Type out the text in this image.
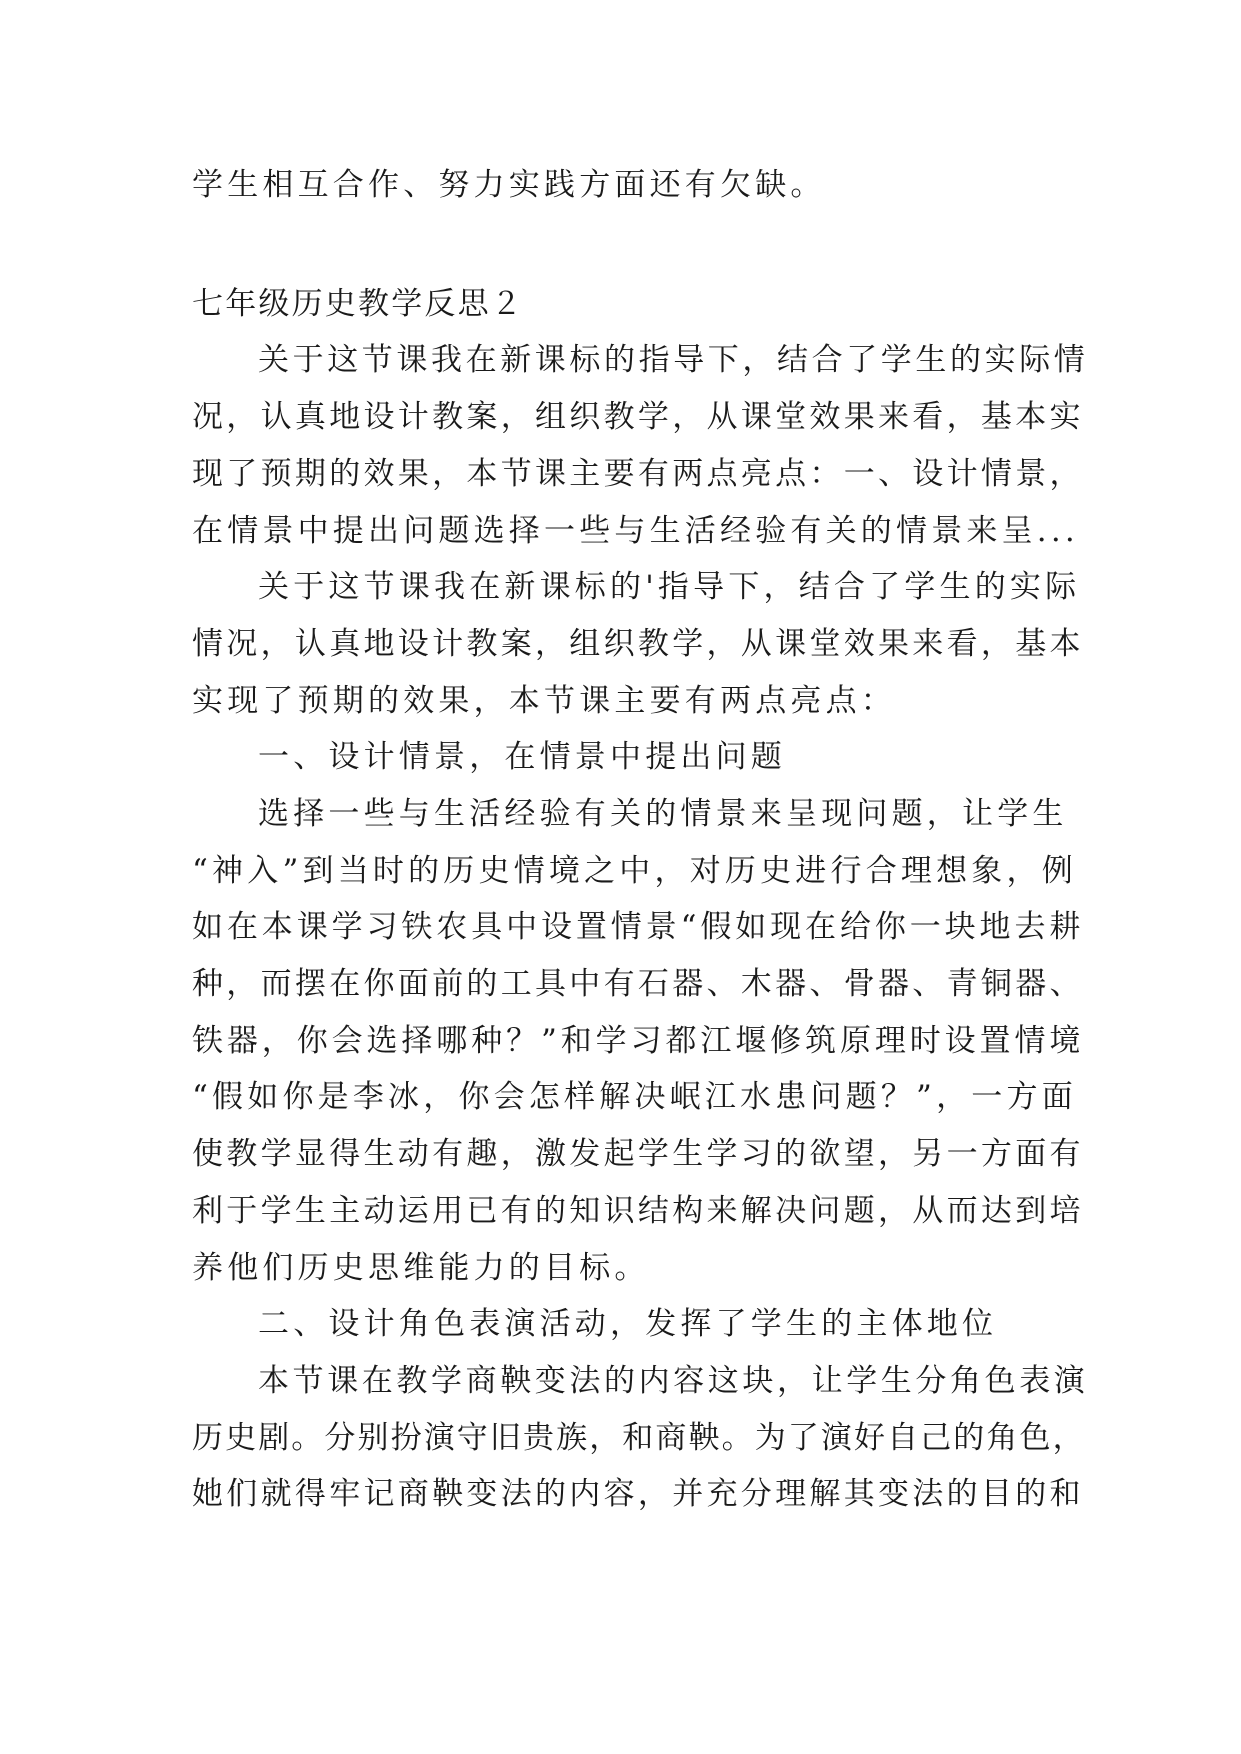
学生相互合作、努力实践方面还有欠缺。
七年级历史教学反思２
关于这节课我在新课标的指导下，结合了学生的实际情
况，认真地设计教案，组织教学，从课堂效果来看，基本实
现了预期的效果，本节课主要有两点亮点：一、设计情景，
在情景中提出问题选择一些与生活经验有关的情景来呈...
关于这节课我在新课标的'指导下，结合了学生的实际
情况，认真地设计教案，组织教学，从课堂效果来看，基本
实现了预期的效果，本节课主要有两点亮点：
一、设计情景，在情景中提出问题
选择一些与生活经验有关的情景来呈现问题，让学生
“神入”到当时的历史情境之中，对历史进行合理想象，例
如在本课学习铁农具中设置情景“假如现在给你一块地去耕
种，而摆在你面前的工具中有石器、木器、骨器、青铜器、
铁器，你会选择哪种？”和学习都江堰修筑原理时设置情境
“假如你是李冰，你会怎样解决岷江水患问题？”，一方面
使教学显得生动有趣，激发起学生学习的欲望，另一方面有
利于学生主动运用已有的知识结构来解决问题，从而达到培
养他们历史思维能力的目标。
二、设计角色表演活动，发挥了学生的主体地位
本节课在教学商鞅变法的内容这块，让学生分角色表演
历史剧。分别扮演守旧贵族，和商鞅。为了演好自己的角色，
她们就得牢记商鞅变法的内容，并充分理解其变法的目的和
